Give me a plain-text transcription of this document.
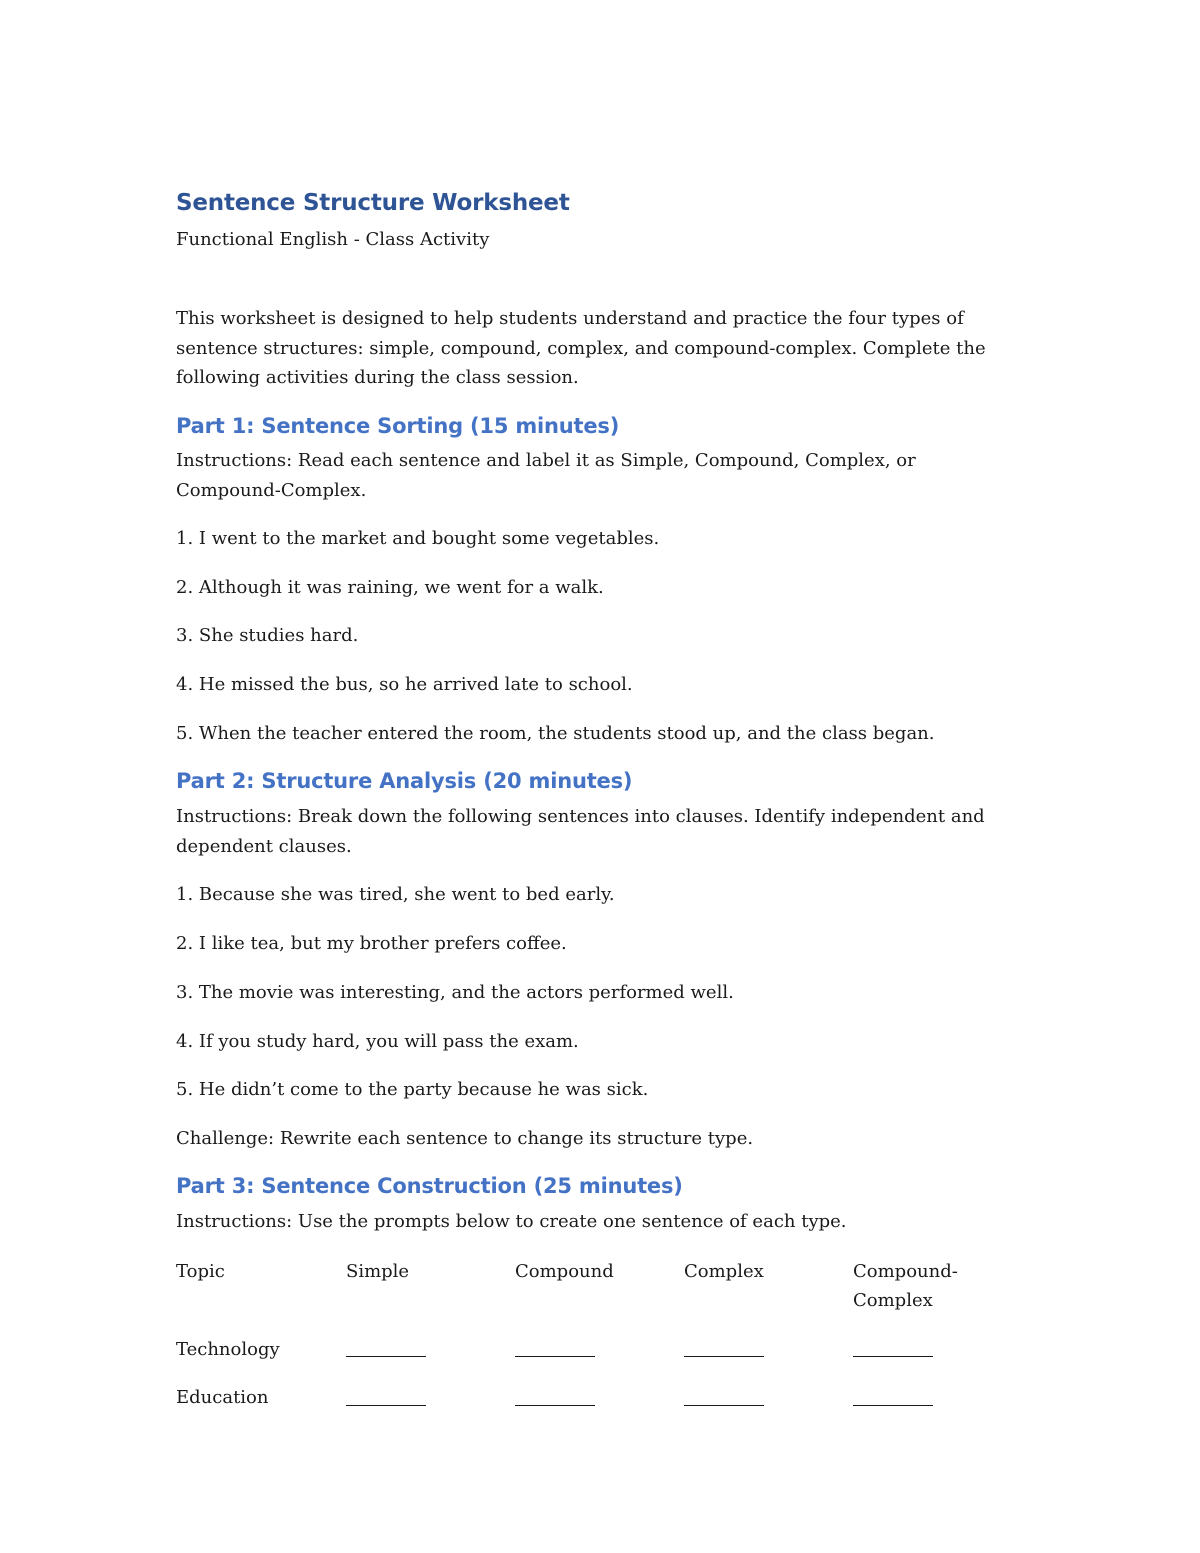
Sentence Structure Worksheet

Functional English - Class Activity

This worksheet is designed to help students understand and practice the four types of sentence structures: simple, compound, complex, and compound-complex. Complete the following activities during the class session.

Part 1: Sentence Sorting (15 minutes)

Instructions: Read each sentence and label it as Simple, Compound, Complex, or Compound-Complex.

1. I went to the market and bought some vegetables.

2. Although it was raining, we went for a walk.

3. She studies hard.

4. He missed the bus, so he arrived late to school.

5. When the teacher entered the room, the students stood up, and the class began.

Part 2: Structure Analysis (20 minutes)

Instructions: Break down the following sentences into clauses. Identify independent and dependent clauses.

1. Because she was tired, she went to bed early.

2. I like tea, but my brother prefers coffee.

3. The movie was interesting, and the actors performed well.

4. If you study hard, you will pass the exam.

5. He didn’t come to the party because he was sick.

Challenge: Rewrite each sentence to change its structure type.

Part 3: Sentence Construction (25 minutes)

Instructions: Use the prompts below to create one sentence of each type.

Topic	Simple	Compound	Complex	Compound-Complex

Technology

Education
